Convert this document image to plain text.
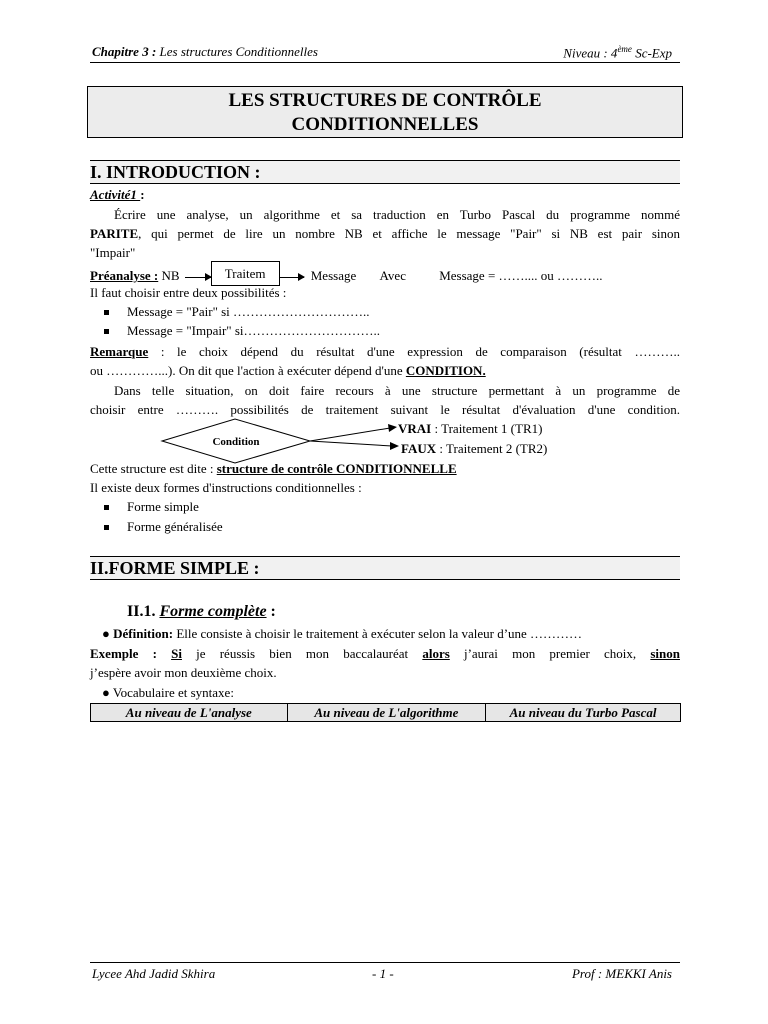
Chapitre 3 : Les structures Conditionnelles	Niveau : 4ème Sc-Exp
LES STRUCTURES DE CONTRÔLE
CONDITIONNELLES
I. INTRODUCTION :
Activité1 :
Écrire une analyse, un algorithme et sa traduction en Turbo Pascal du programme nommé
PARITE, qui permet de lire un nombre NB et affiche le message "Pair" si NB est pair sinon
"Impair"
Préanalyse : NB	Traitem	Message Avec	Message = …….... ou ………..
Il faut choisir entre deux possibilités :
Message = "Pair" si …………………………..
Message = "Impair" si…………………………..
Remarque : le choix dépend du résultat d'une expression de comparaison (résultat ………..
ou …………...). On dit que l'action à exécuter dépend d'une CONDITION.
Dans telle situation, on doit faire recours à une structure permettant à un programme de
choisir entre ………. possibilités de traitement suivant le résultat d'évaluation d'une condition.
Condition
VRAI : Traitement 1 (TR1)
FAUX : Traitement 2 (TR2)
Cette structure est dite : structure de contrôle CONDITIONNELLE
Il existe deux formes d'instructions conditionnelles :
Forme simple
Forme généralisée
II.FORME SIMPLE :
II.1. Forme complète :
● Définition: Elle consiste à choisir le traitement à exécuter selon la valeur d’une …………
Exemple : Si je réussis bien mon baccalauréat alors j’aurai mon premier choix, sinon
j’espère avoir mon deuxième choix.
● Vocabulaire et syntaxe:
Au niveau de L'analyse	Au niveau de L'algorithme	Au niveau du Turbo Pascal
Lycee Ahd Jadid Skhira	- 1 -	Prof : MEKKI Anis
